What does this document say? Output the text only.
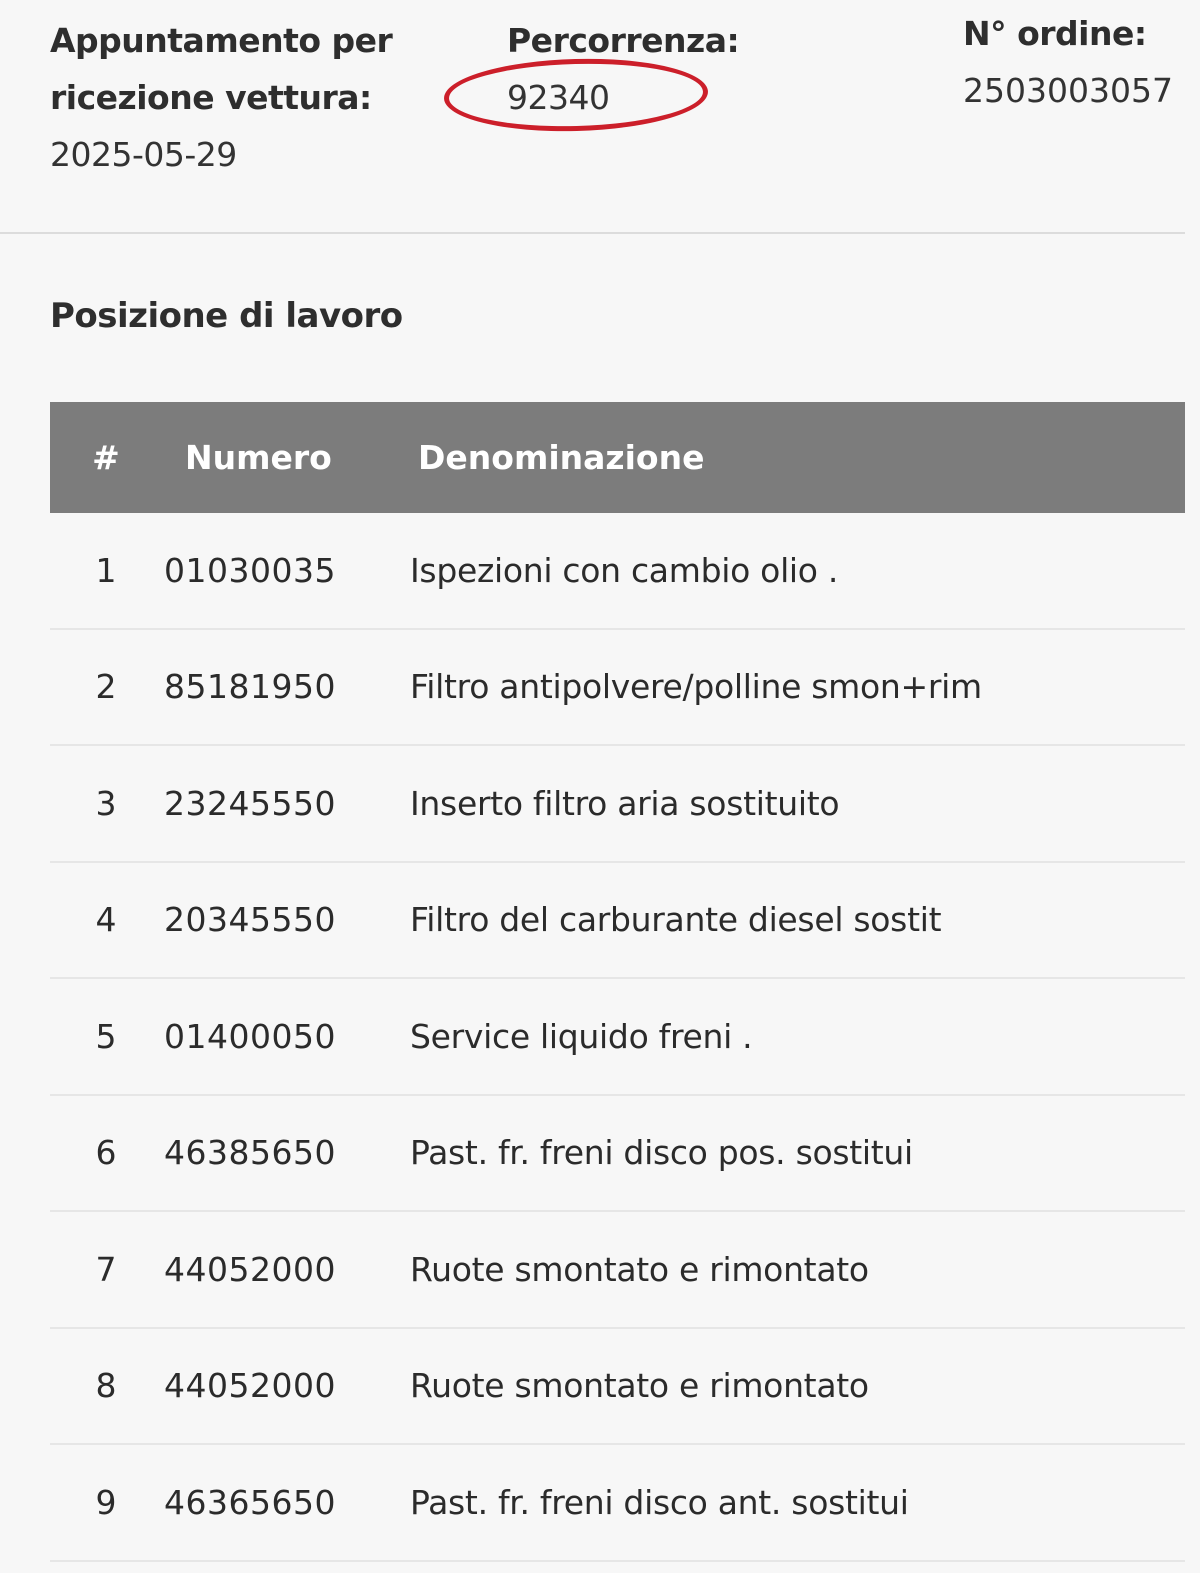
Appuntamento per ricezione vettura:
2025-05-29
Percorrenza:
92340
N° ordine:
2503003057
Posizione di lavoro
#	Numero	Denominazione
1	01030035	Ispezioni con cambio olio .
2	85181950	Filtro antipolvere/polline smon+rim
3	23245550	Inserto filtro aria sostituito
4	20345550	Filtro del carburante diesel sostit
5	01400050	Service liquido freni .
6	46385650	Past. fr. freni disco pos. sostitui
7	44052000	Ruote smontato e rimontato
8	44052000	Ruote smontato e rimontato
9	46365650	Past. fr. freni disco ant. sostitui
